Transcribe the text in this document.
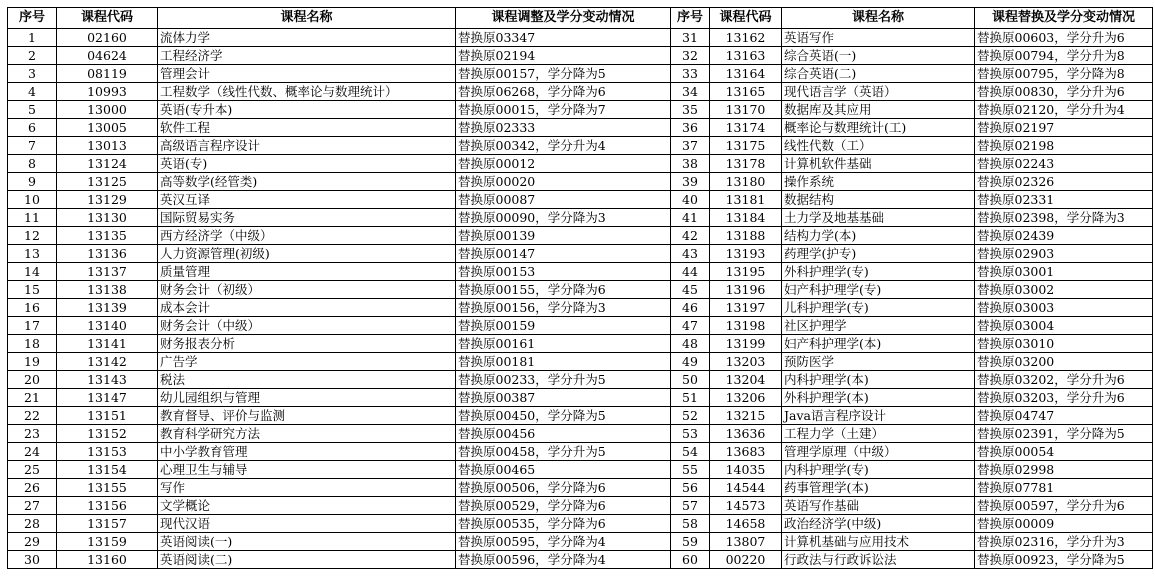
序号	课程代码	课程名称	课程调整及学分变动情况	序号	课程代码	课程名称	课程替换及学分变动情况
1	02160	流体力学	替换原03347	31	13162	英语写作	替换原00603，学分升为6
2	04624	工程经济学	替换原02194	32	13163	综合英语(一)	替换原00794，学分升为8
3	08119	管理会计	替换原00157，学分降为5	33	13164	综合英语(二)	替换原00795，学分降为8
4	10993	工程数学（线性代数、概率论与数理统计）	替换原06268，学分降为6	34	13165	现代语言学（英语）	替换原00830，学分升为6
5	13000	英语(专升本)	替换原00015，学分降为7	35	13170	数据库及其应用	替换原02120，学分升为4
6	13005	软件工程	替换原02333	36	13174	概率论与数理统计(工)	替换原02197
7	13013	高级语言程序设计	替换原00342，学分升为4	37	13175	线性代数（工）	替换原02198
8	13124	英语(专)	替换原00012	38	13178	计算机软件基础	替换原02243
9	13125	高等数学(经管类)	替换原00020	39	13180	操作系统	替换原02326
10	13129	英汉互译	替换原00087	40	13181	数据结构	替换原02331
11	13130	国际贸易实务	替换原00090，学分降为3	41	13184	土力学及地基基础	替换原02398，学分降为3
12	13135	西方经济学（中级）	替换原00139	42	13188	结构力学(本)	替换原02439
13	13136	人力资源管理(初级)	替换原00147	43	13193	药理学(护专)	替换原02903
14	13137	质量管理	替换原00153	44	13195	外科护理学(专)	替换原03001
15	13138	财务会计（初级）	替换原00155，学分降为6	45	13196	妇产科护理学(专)	替换原03002
16	13139	成本会计	替换原00156，学分降为3	46	13197	儿科护理学(专)	替换原03003
17	13140	财务会计（中级）	替换原00159	47	13198	社区护理学	替换原03004
18	13141	财务报表分析	替换原00161	48	13199	妇产科护理学(本)	替换原03010
19	13142	广告学	替换原00181	49	13203	预防医学	替换原03200
20	13143	税法	替换原00233，学分升为5	50	13204	内科护理学(本)	替换原03202，学分升为6
21	13147	幼儿园组织与管理	替换原00387	51	13206	外科护理学(本)	替换原03203，学分升为6
22	13151	教育督导、评价与监测	替换原00450，学分降为5	52	13215	Java语言程序设计	替换原04747
23	13152	教育科学研究方法	替换原00456	53	13636	工程力学（土建）	替换原02391，学分降为5
24	13153	中小学教育管理	替换原00458，学分升为5	54	13683	管理学原理（中级）	替换原00054
25	13154	心理卫生与辅导	替换原00465	55	14035	内科护理学(专)	替换原02998
26	13155	写作	替换原00506，学分降为6	56	14544	药事管理学(本)	替换原07781
27	13156	文学概论	替换原00529，学分降为6	57	14573	英语写作基础	替换原00597，学分升为6
28	13157	现代汉语	替换原00535，学分降为6	58	14658	政治经济学(中级)	替换原00009
29	13159	英语阅读(一)	替换原00595，学分降为4	59	13807	计算机基础与应用技术	替换原02316，学分升为3
30	13160	英语阅读(二)	替换原00596，学分降为4	60	00220	行政法与行政诉讼法	替换原00923，学分降为5
